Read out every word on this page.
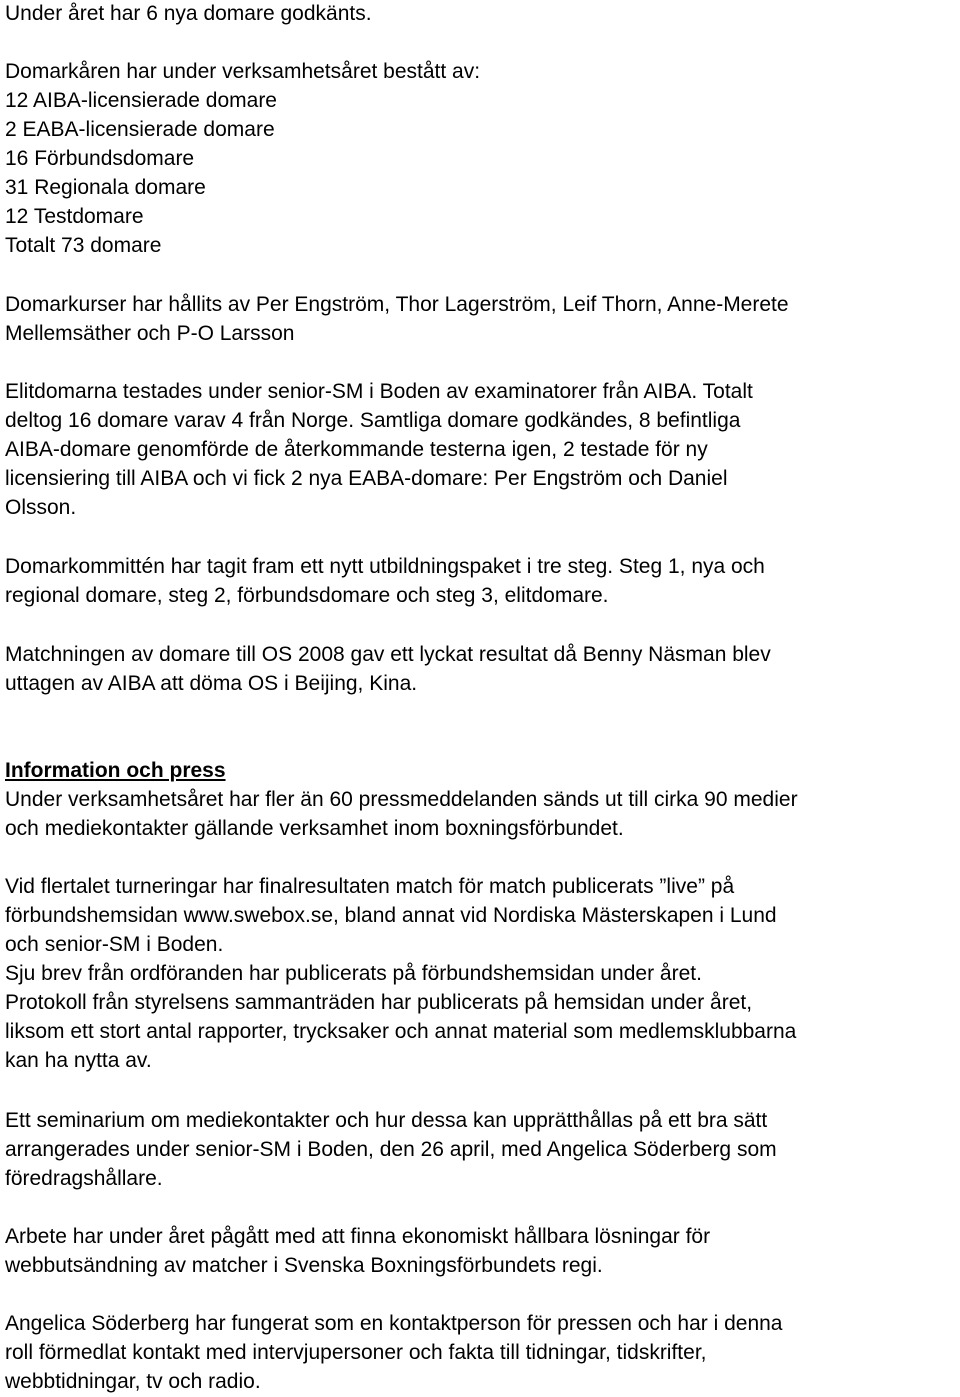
Under året har 6 nya domare godkänts.

Domarkåren har under verksamhetsåret bestått av:
12 AIBA-licensierade domare
2 EABA-licensierade domare
16 Förbundsdomare
31 Regionala domare
12 Testdomare
Totalt 73 domare

Domarkurser har hållits av Per Engström, Thor Lagerström, Leif Thorn, Anne-Merete
Mellemsäther och P-O Larsson

Elitdomarna testades under senior-SM i Boden av examinatorer från AIBA. Totalt
deltog 16 domare varav 4 från Norge. Samtliga domare godkändes, 8 befintliga
AIBA-domare genomförde de återkommande testerna igen, 2 testade för ny
licensiering till AIBA och vi fick 2 nya EABA-domare: Per Engström och Daniel
Olsson.

Domarkommittén har tagit fram ett nytt utbildningspaket i tre steg. Steg 1, nya och
regional domare, steg 2, förbundsdomare och steg 3, elitdomare.

Matchningen av domare till OS 2008 gav ett lyckat resultat då Benny Näsman blev
uttagen av AIBA att döma OS i Beijing, Kina.

Information och press
Under verksamhetsåret har fler än 60 pressmeddelanden sänds ut till cirka 90 medier
och mediekontakter gällande verksamhet inom boxningsförbundet.

Vid flertalet turneringar har finalresultaten match för match publicerats ”live” på
förbundshemsidan www.swebox.se, bland annat vid Nordiska Mästerskapen i Lund
och senior-SM i Boden.
Sju brev från ordföranden har publicerats på förbundshemsidan under året.
Protokoll från styrelsens sammanträden har publicerats på hemsidan under året,
liksom ett stort antal rapporter, trycksaker och annat material som medlemsklubbarna
kan ha nytta av.

Ett seminarium om mediekontakter och hur dessa kan upprätthållas på ett bra sätt
arrangerades under senior-SM i Boden, den 26 april, med Angelica Söderberg som
föredragshållare.

Arbete har under året pågått med att finna ekonomiskt hållbara lösningar för
webbutsändning av matcher i Svenska Boxningsförbundets regi.

Angelica Söderberg har fungerat som en kontaktperson för pressen och har i denna
roll förmedlat kontakt med intervjupersoner och fakta till tidningar, tidskrifter,
webbtidningar, tv och radio.
